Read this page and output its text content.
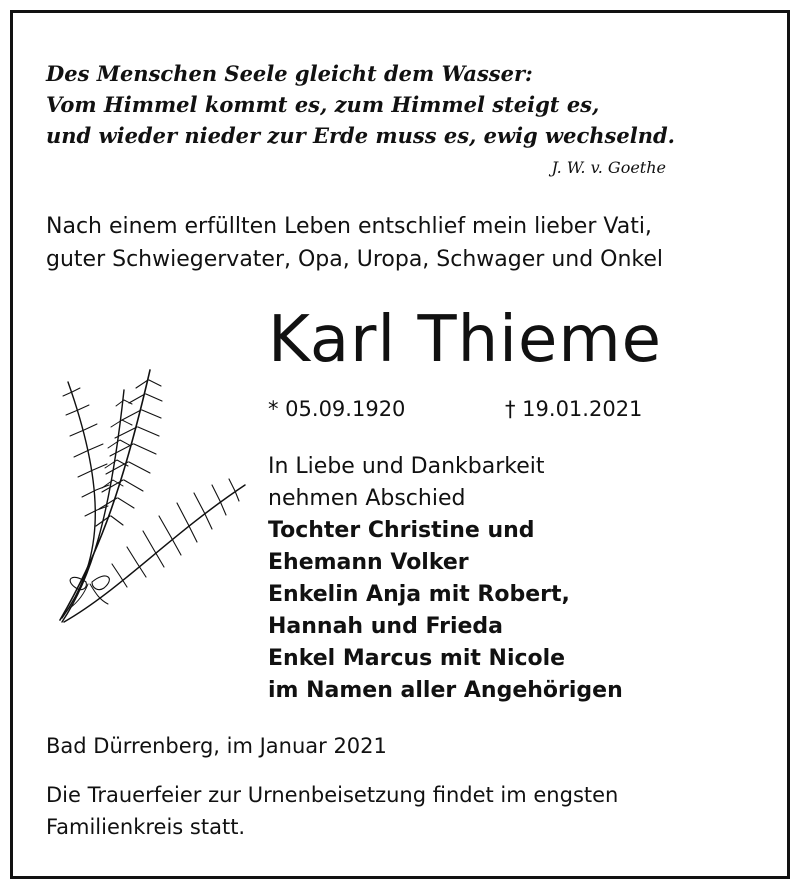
Des Menschen Seele gleicht dem Wasser:
Vom Himmel kommt es, zum Himmel steigt es,
und wieder nieder zur Erde muss es, ewig wechselnd.
J. W. v. Goethe
Nach einem erfüllten Leben entschlief mein lieber Vati,
guter Schwiegervater, Opa, Uropa, Schwager und Onkel
Karl Thieme
* 05.09.1920	† 19.01.2021
In Liebe und Dankbarkeit
nehmen Abschied
Tochter Christine und
Ehemann Volker
Enkelin Anja mit Robert,
Hannah und Frieda
Enkel Marcus mit Nicole
im Namen aller Angehörigen
Bad Dürrenberg, im Januar 2021
Die Trauerfeier zur Urnenbeisetzung findet im engsten Familienkreis statt.
